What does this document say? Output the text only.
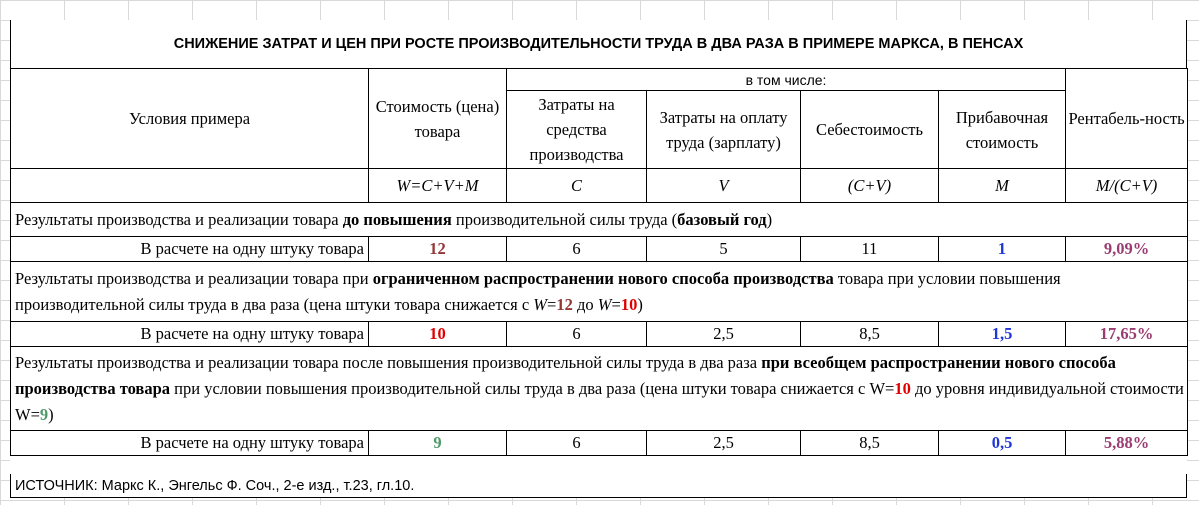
СНИЖЕНИЕ ЗАТРАТ И ЦЕН ПРИ РОСТЕ ПРОИЗВОДИТЕЛЬНОСТИ ТРУДА В ДВА РАЗА В ПРИМЕРЕ МАРКСА, В ПЕНСАХ
Условия примера	Стоимость (цена) товара	в том числе:				Рентабель-ность
		Затраты на средства производства	Затраты на оплату труда (зарплату)	Себестоимость	Прибавочная стоимость	
	W=C+V+M	C	V	(C+V)	M	M/(C+V)
Результаты производства и реализации товара до повышения производительной силы труда (базовый год)						
В расчете на одну штуку товара	12	6	5	11	1	9,09%
Результаты производства и реализации товара при ограниченном распространении нового способа производства товара при условии повышения производительной силы труда в два раза (цена штуки товара снижается с W=12 до W=10)						
В расчете на одну штуку товара	10	6	2,5	8,5	1,5	17,65%
Результаты производства и реализации товара после повышения производительной силы труда в два раза при всеобщем распространении нового способа производства товара при условии повышения производительной силы труда в два раза (цена штуки товара снижается с W=10 до уровня индивидуальной стоимости W=9)						
В расчете на одну штуку товара	9	6	2,5	8,5	0,5	5,88%
ИСТОЧНИК: Маркс К., Энгельс Ф. Соч., 2-е изд., т.23, гл.10.
